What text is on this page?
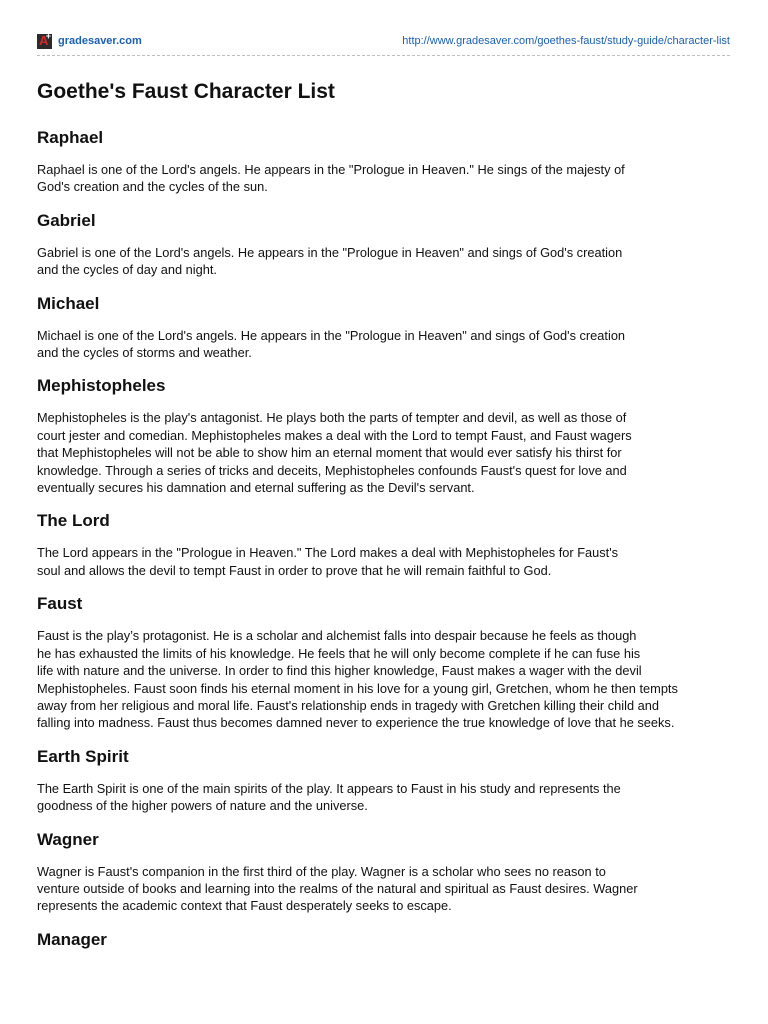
A +
gradesaver.com	http://www.gradesaver.com/goethes-faust/study-guide/character-list
Goethe's Faust Character List
Raphael

Raphael is one of the Lord's angels. He appears in the "Prologue in Heaven." He sings of the majesty of
God's creation and the cycles of the sun.

Gabriel

Gabriel is one of the Lord's angels. He appears in the "Prologue in Heaven" and sings of God's creation
and the cycles of day and night.

Michael

Michael is one of the Lord's angels. He appears in the "Prologue in Heaven" and sings of God's creation
and the cycles of storms and weather.

Mephistopheles

Mephistopheles is the play's antagonist. He plays both the parts of tempter and devil, as well as those of
court jester and comedian. Mephistopheles makes a deal with the Lord to tempt Faust, and Faust wagers
that Mephistopheles will not be able to show him an eternal moment that would ever satisfy his thirst for
knowledge. Through a series of tricks and deceits, Mephistopheles confounds Faust's quest for love and
eventually secures his damnation and eternal suffering as the Devil's servant.

The Lord

The Lord appears in the "Prologue in Heaven." The Lord makes a deal with Mephistopheles for Faust's
soul and allows the devil to tempt Faust in order to prove that he will remain faithful to God.

Faust

Faust is the play’s protagonist. He is a scholar and alchemist falls into despair because he feels as though
he has exhausted the limits of his knowledge. He feels that he will only become complete if he can fuse his
life with nature and the universe. In order to find this higher knowledge, Faust makes a wager with the devil
Mephistopheles. Faust soon finds his eternal moment in his love for a young girl, Gretchen, whom he then tempts
away from her religious and moral life. Faust's relationship ends in tragedy with Gretchen killing their child and
falling into madness. Faust thus becomes damned never to experience the true knowledge of love that he seeks.

Earth Spirit

The Earth Spirit is one of the main spirits of the play. It appears to Faust in his study and represents the
goodness of the higher powers of nature and the universe.

Wagner

Wagner is Faust's companion in the first third of the play. Wagner is a scholar who sees no reason to
venture outside of books and learning into the realms of the natural and spiritual as Faust desires. Wagner
represents the academic context that Faust desperately seeks to escape.

Manager
